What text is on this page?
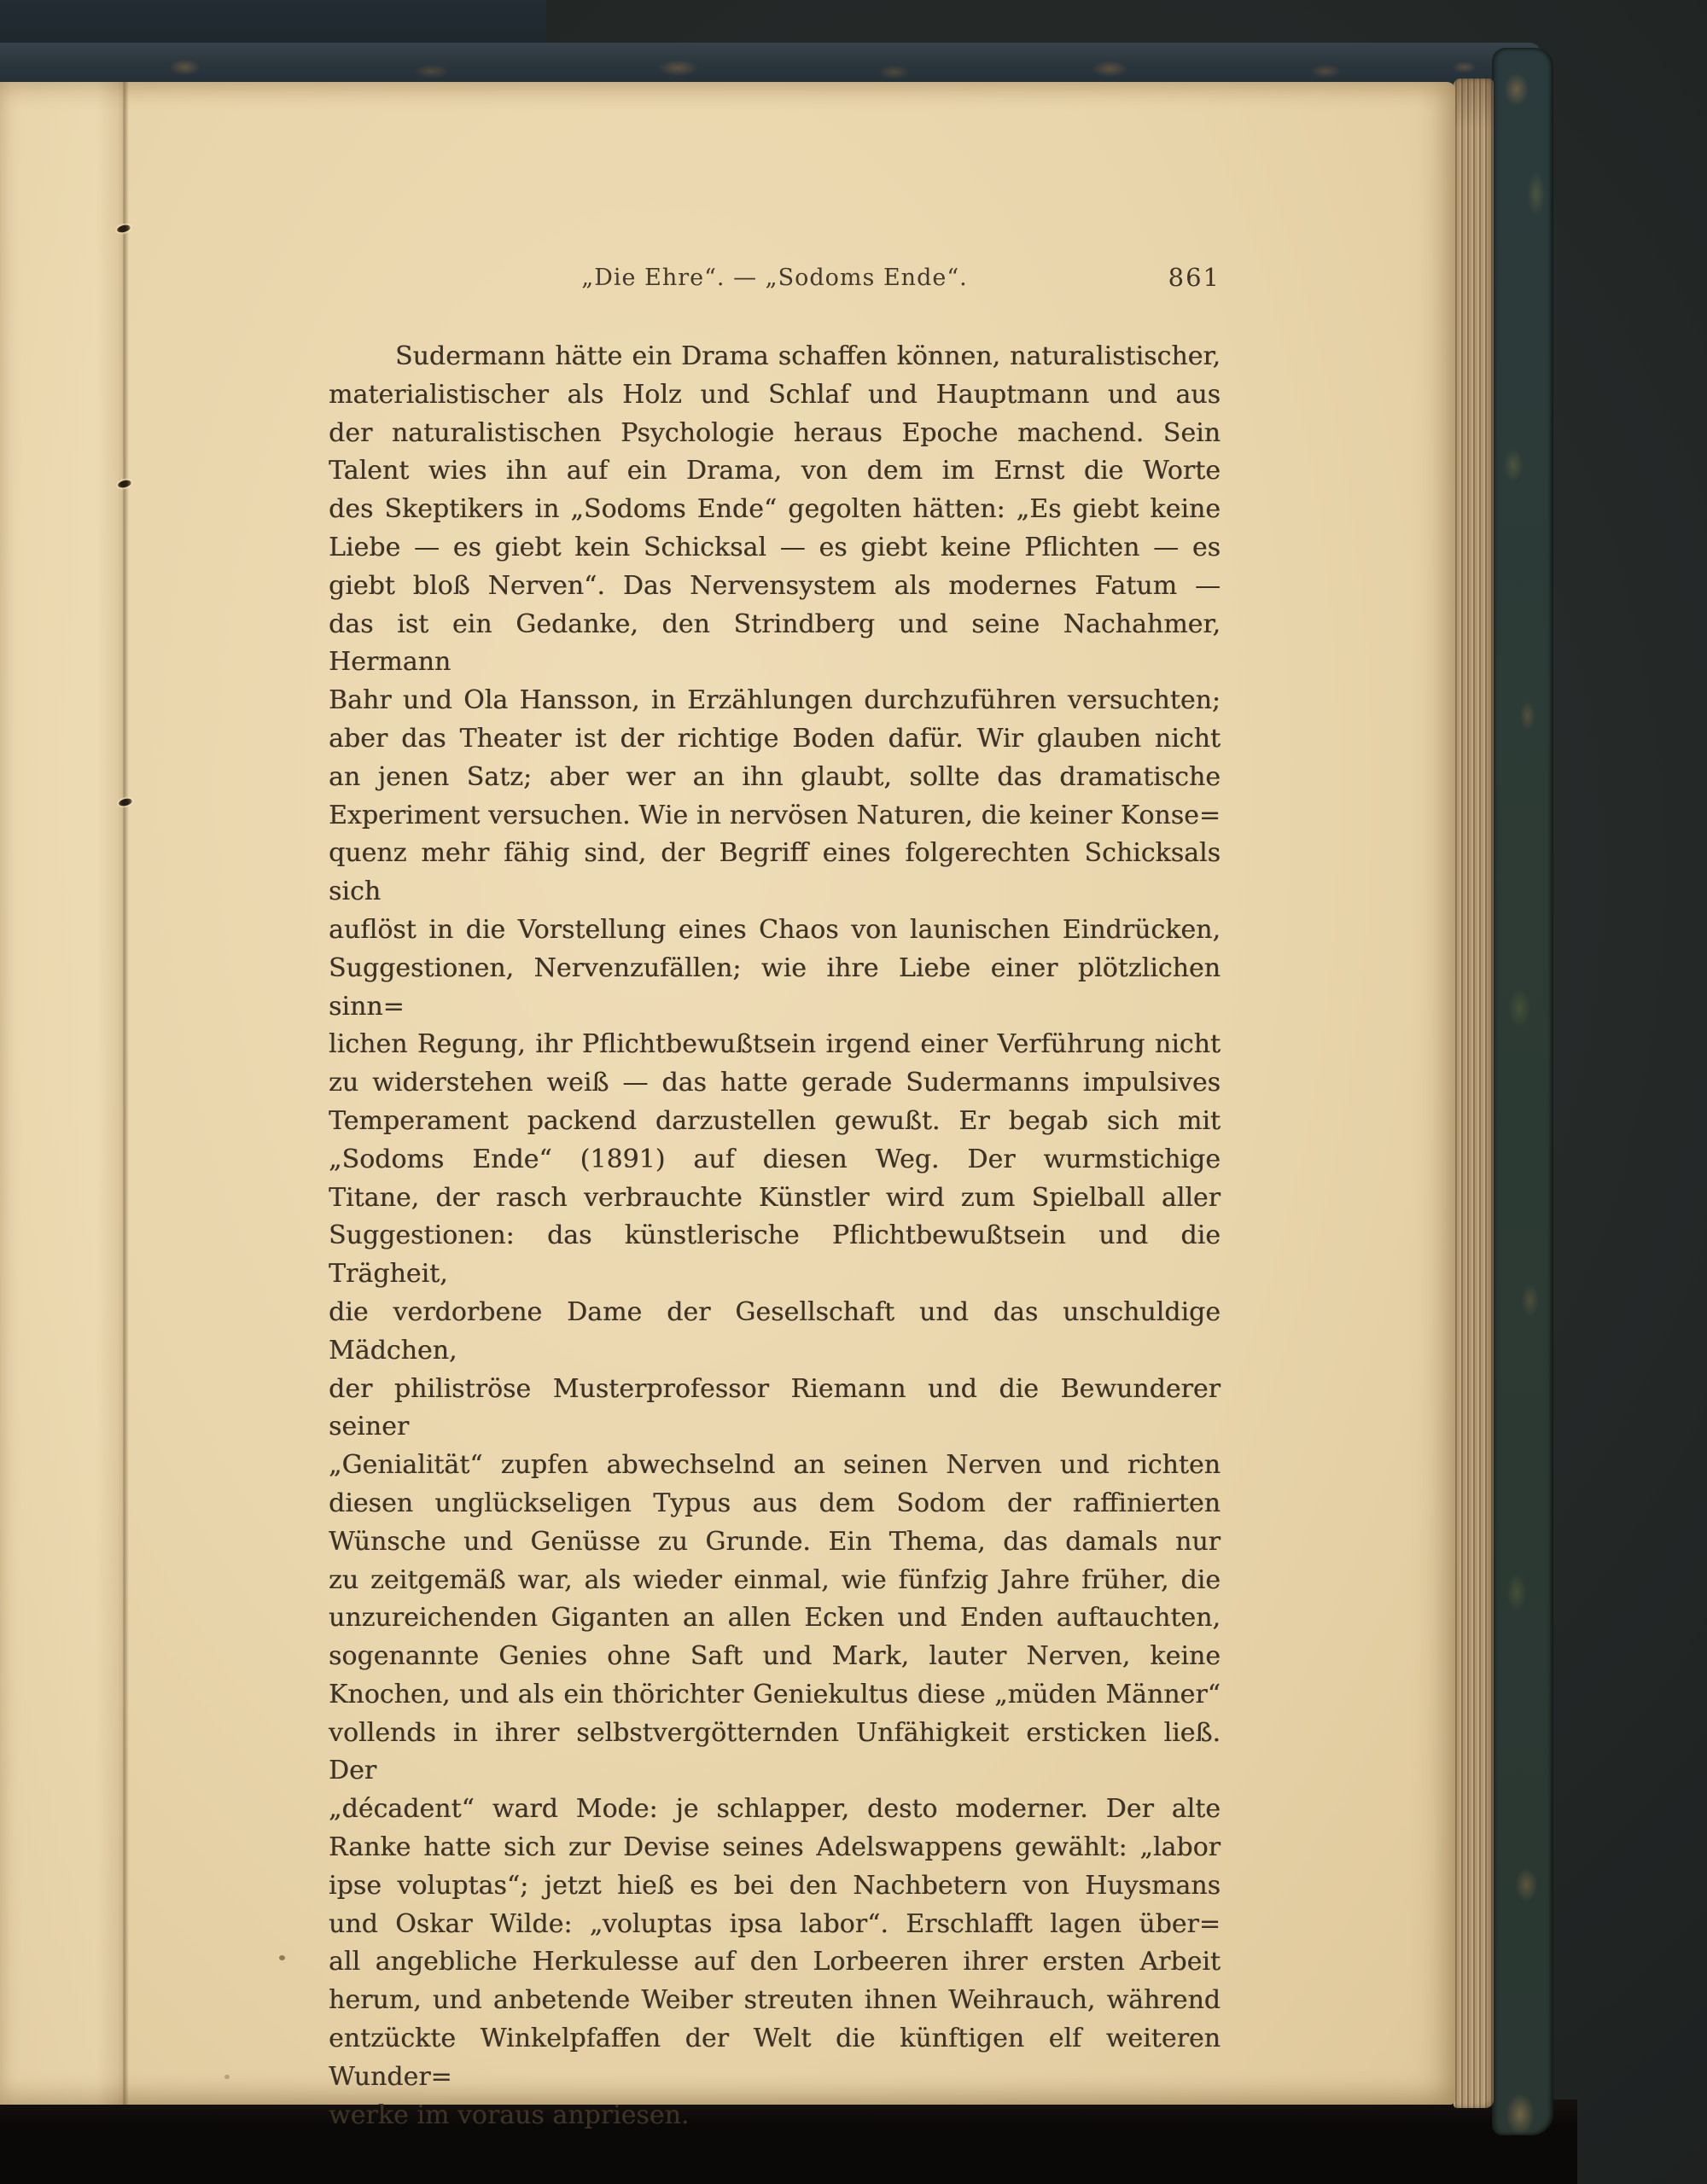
„Die Ehre“. — „Sodoms Ende“.	861
Sudermann hätte ein Drama schaffen können, naturalistischer,
materialistischer als Holz und Schlaf und Hauptmann und aus
der naturalistischen Psychologie heraus Epoche machend. Sein
Talent wies ihn auf ein Drama, von dem im Ernst die Worte
des Skeptikers in „Sodoms Ende“ gegolten hätten: „Es giebt keine
Liebe — es giebt kein Schicksal — es giebt keine Pflichten — es
giebt bloß Nerven“. Das Nervensystem als modernes Fatum —
das ist ein Gedanke, den Strindberg und seine Nachahmer, Hermann
Bahr und Ola Hansson, in Erzählungen durchzuführen versuchten;
aber das Theater ist der richtige Boden dafür. Wir glauben nicht
an jenen Satz; aber wer an ihn glaubt, sollte das dramatische
Experiment versuchen. Wie in nervösen Naturen, die keiner Konse=
quenz mehr fähig sind, der Begriff eines folgerechten Schicksals sich
auflöst in die Vorstellung eines Chaos von launischen Eindrücken,
Suggestionen, Nervenzufällen; wie ihre Liebe einer plötzlichen sinn=
lichen Regung, ihr Pflichtbewußtsein irgend einer Verführung nicht
zu widerstehen weiß — das hatte gerade Sudermanns impulsives
Temperament packend darzustellen gewußt. Er begab sich mit
„Sodoms Ende“ (1891) auf diesen Weg. Der wurmstichige
Titane, der rasch verbrauchte Künstler wird zum Spielball aller
Suggestionen: das künstlerische Pflichtbewußtsein und die Trägheit,
die verdorbene Dame der Gesellschaft und das unschuldige Mädchen,
der philiströse Musterprofessor Riemann und die Bewunderer seiner
„Genialität“ zupfen abwechselnd an seinen Nerven und richten
diesen unglückseligen Typus aus dem Sodom der raffinierten
Wünsche und Genüsse zu Grunde. Ein Thema, das damals nur
zu zeitgemäß war, als wieder einmal, wie fünfzig Jahre früher, die
unzureichenden Giganten an allen Ecken und Enden auftauchten,
sogenannte Genies ohne Saft und Mark, lauter Nerven, keine
Knochen, und als ein thörichter Geniekultus diese „müden Männer“
vollends in ihrer selbstvergötternden Unfähigkeit ersticken ließ. Der
„décadent“ ward Mode: je schlapper, desto moderner. Der alte
Ranke hatte sich zur Devise seines Adelswappens gewählt: „labor
ipse voluptas“; jetzt hieß es bei den Nachbetern von Huysmans
und Oskar Wilde: „voluptas ipsa labor“. Erschlafft lagen über=
all angebliche Herkulesse auf den Lorbeeren ihrer ersten Arbeit
herum, und anbetende Weiber streuten ihnen Weihrauch, während
entzückte Winkelpfaffen der Welt die künftigen elf weiteren Wunder=
werke im voraus anpriesen.
